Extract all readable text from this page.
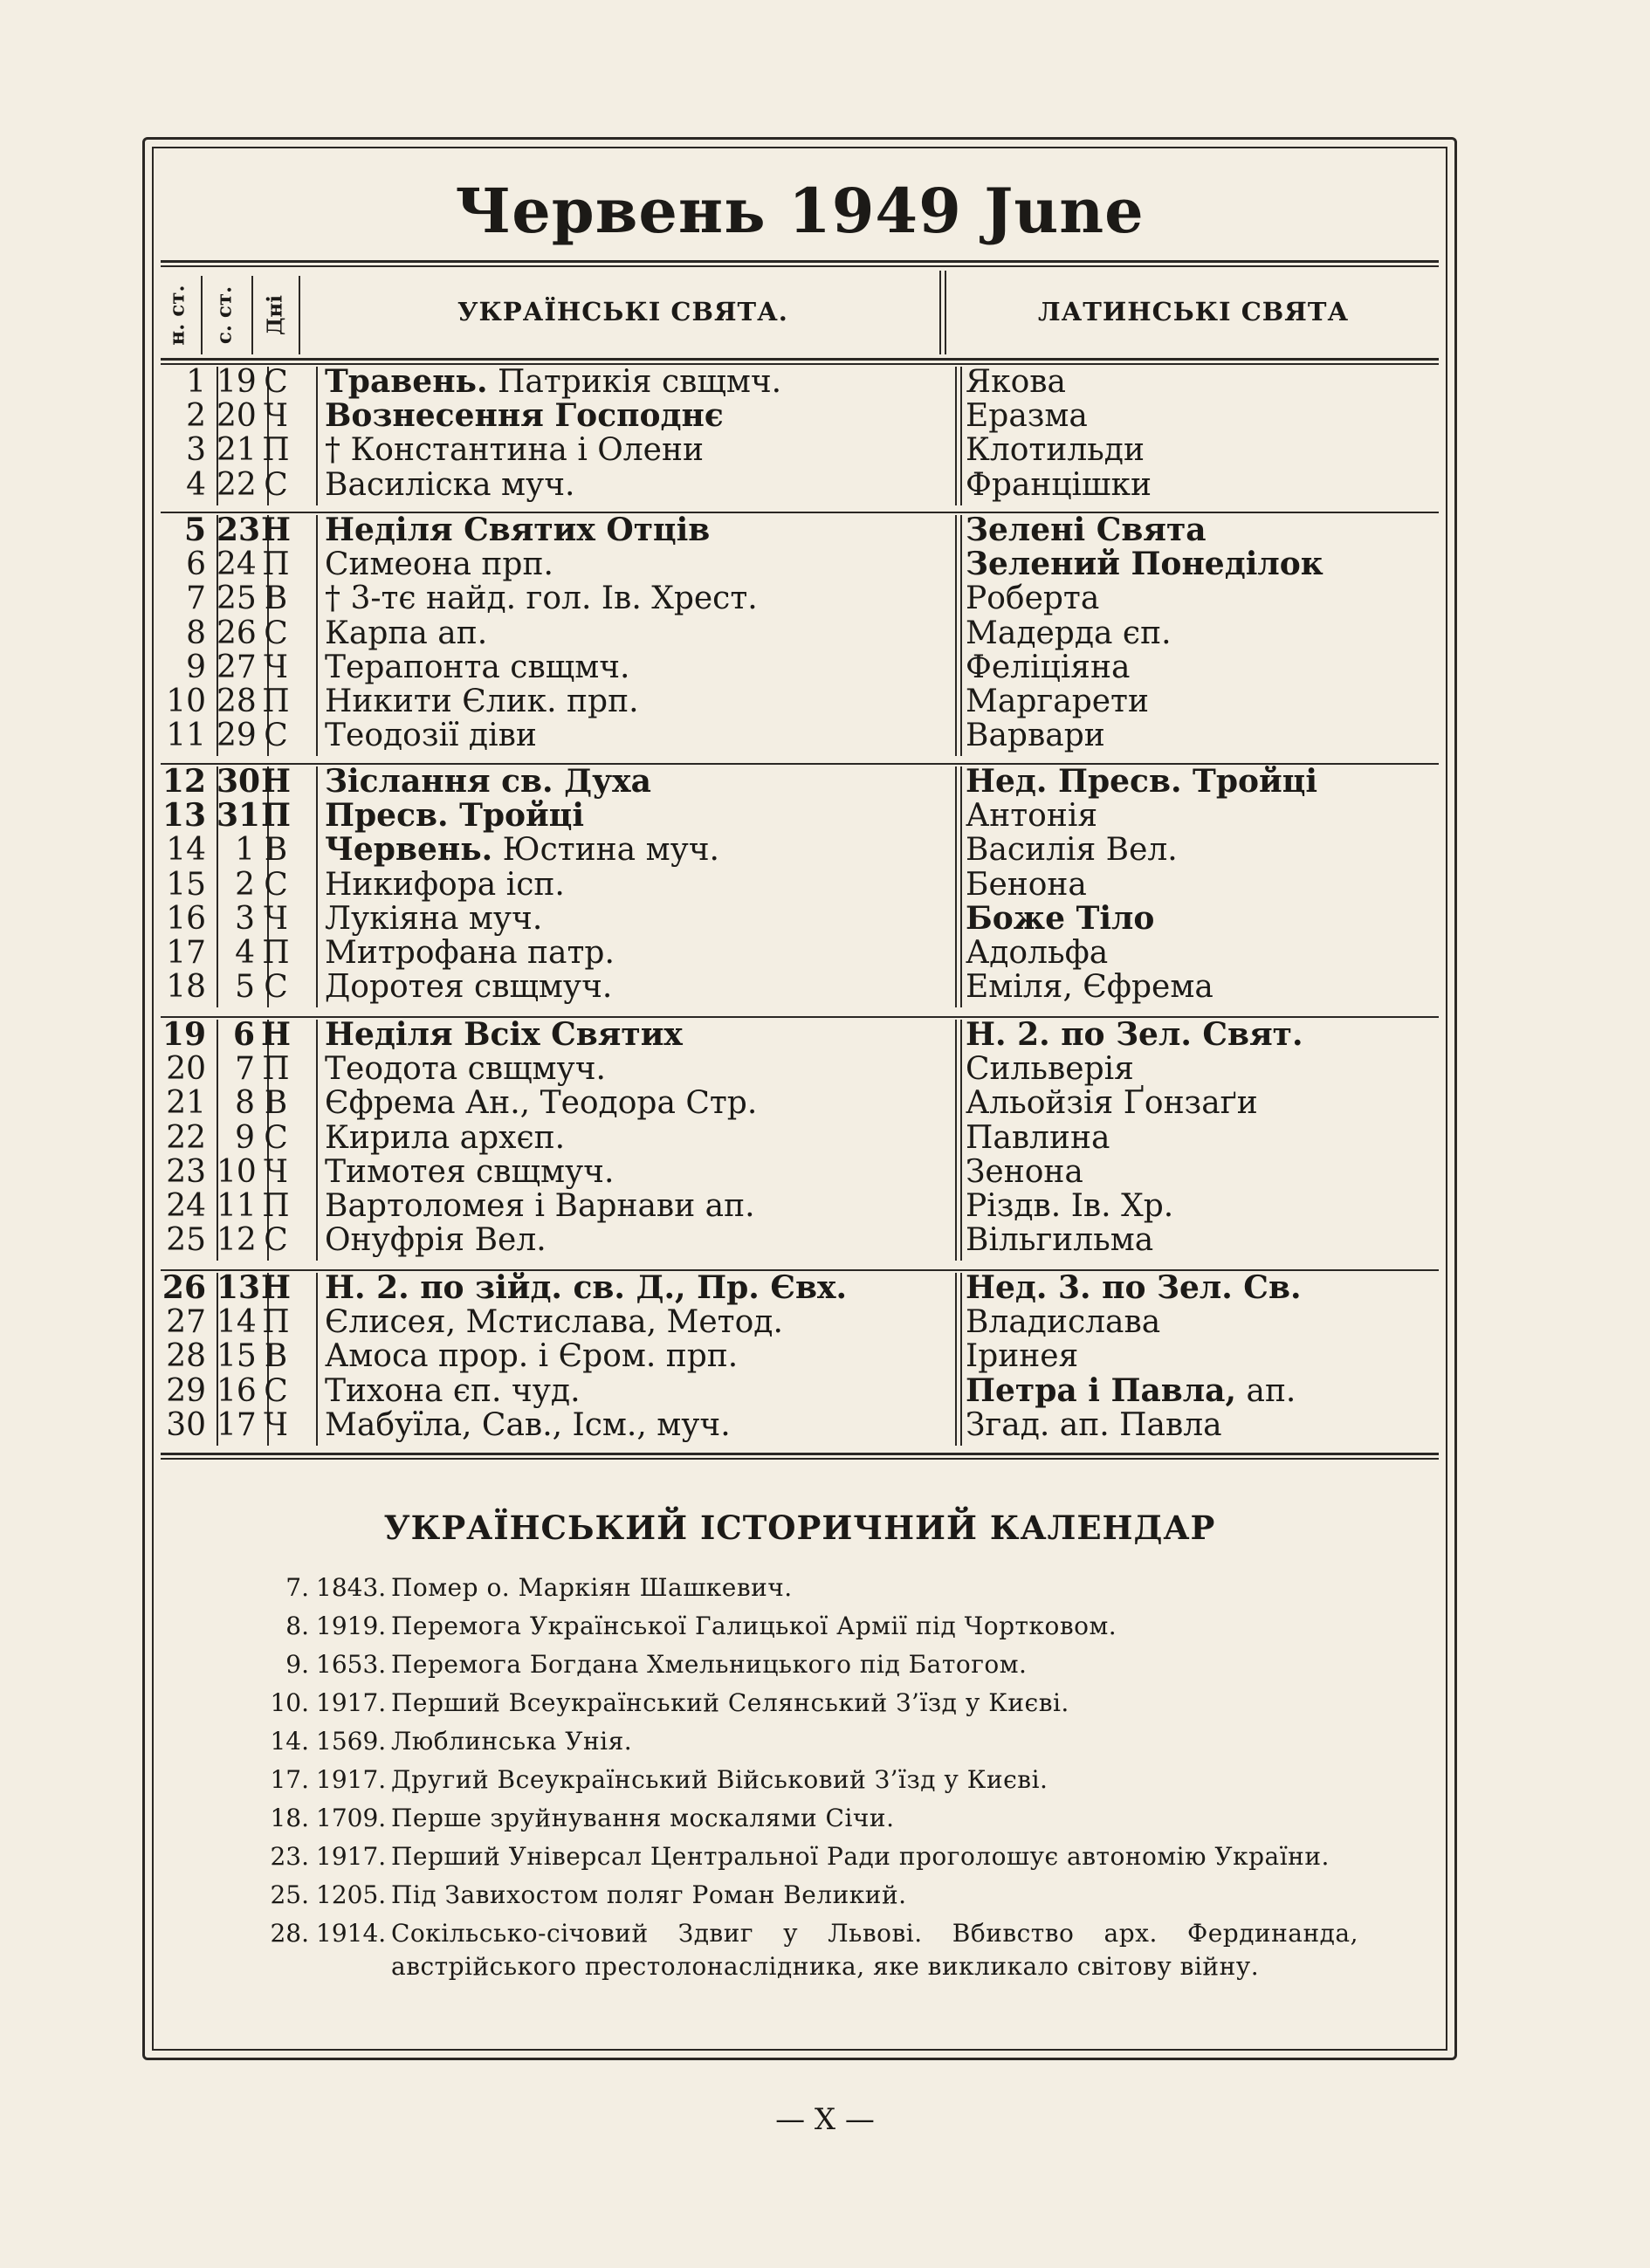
Червень 1949 June
н. ст. с. ст. Дні	УКРАЇНСЬКІ СВЯТА.	ЛАТИНСЬКІ СВЯТА
1 19 С Травень. Патрикія свщмч.	Якова
2 20 Ч Вознесення Господнє	Еразма
3 21 П † Константина і Олени	Клотильди
4 22 С Василіска муч.	Францішки
5 23 Н Неділя Святих Отців	Зелені Свята
6 24 П Симеона прп.	Зелений Понеділок
7 25 В † 3-тє найд. гол. Ів. Хрест.	Роберта
8 26 С Карпа ап.	Мадерда єп.
9 27 Ч Терапонта свщмч.	Феліціяна
10 28 П Никити Єлик. прп.	Маргарети
11 29 С Теодозії діви	Варвари
12 30 Н Зіслання св. Духа	Нед. Пресв. Тройці
13 31 П Пресв. Тройці	Антонія
14 1 В Червень. Юстина муч.	Василія Вел.
15 2 С Никифора ісп.	Бенона
16 3 Ч Лукіяна муч.	Боже Тіло
17 4 П Митрофана патр.	Адольфа
18 5 С Доротея свщмуч.	Еміля, Єфрема
19 6 Н Неділя Всіх Святих	Н. 2. по Зел. Свят.
20 7 П Теодота свщмуч.	Сильверія
21 8 В Єфрема Ан., Теодора Стр.	Альойзія Ґонзаґи
22 9 С Кирила архєп.	Павлина
23 10 Ч Тимотея свщмуч.	Зенона
24 11 П Вартоломея і Варнави ап.	Різдв. Ів. Хр.
25 12 С Онуфрія Вел.	Вільгильма
26 13 Н Н. 2. по зійд. св. Д., Пр. Євх.	Нед. 3. по Зел. Св.
27 14 П Єлисея, Мстислава, Метод.	Владислава
28 15 В Амоса прор. і Єром. прп.	Іринея
29 16 С Тихона єп. чуд.	Петра і Павла, ап.
30 17 Ч Мабуїла, Сав., Ісм., муч.	Згад. ап. Павла
УКРАЇНСЬКИЙ ІСТОРИЧНИЙ КАЛЕНДАР
7. 1843. Помер о. Маркіян Шашкевич.
8. 1919. Перемога Української Галицької Армії під Чортковом.
9. 1653. Перемога Богдана Хмельницького під Батогом.
10. 1917. Перший Всеукраїнський Селянський З’їзд у Києві.
14. 1569. Люблинська Унія.
17. 1917. Другий Всеукраїнський Військовий З’їзд у Києві.
18. 1709. Перше зруйнування москалями Січи.
23. 1917. Перший Універсал Центральної Ради проголошує автономію України.
25. 1205. Під Завихостом поляг Роман Великий.
28. 1914. Сокільсько-січовий Здвиг у Львові. Вбивство арх. Фердинанда, австрійського престолонаслідника, яке викликало світову війну.
— X —
